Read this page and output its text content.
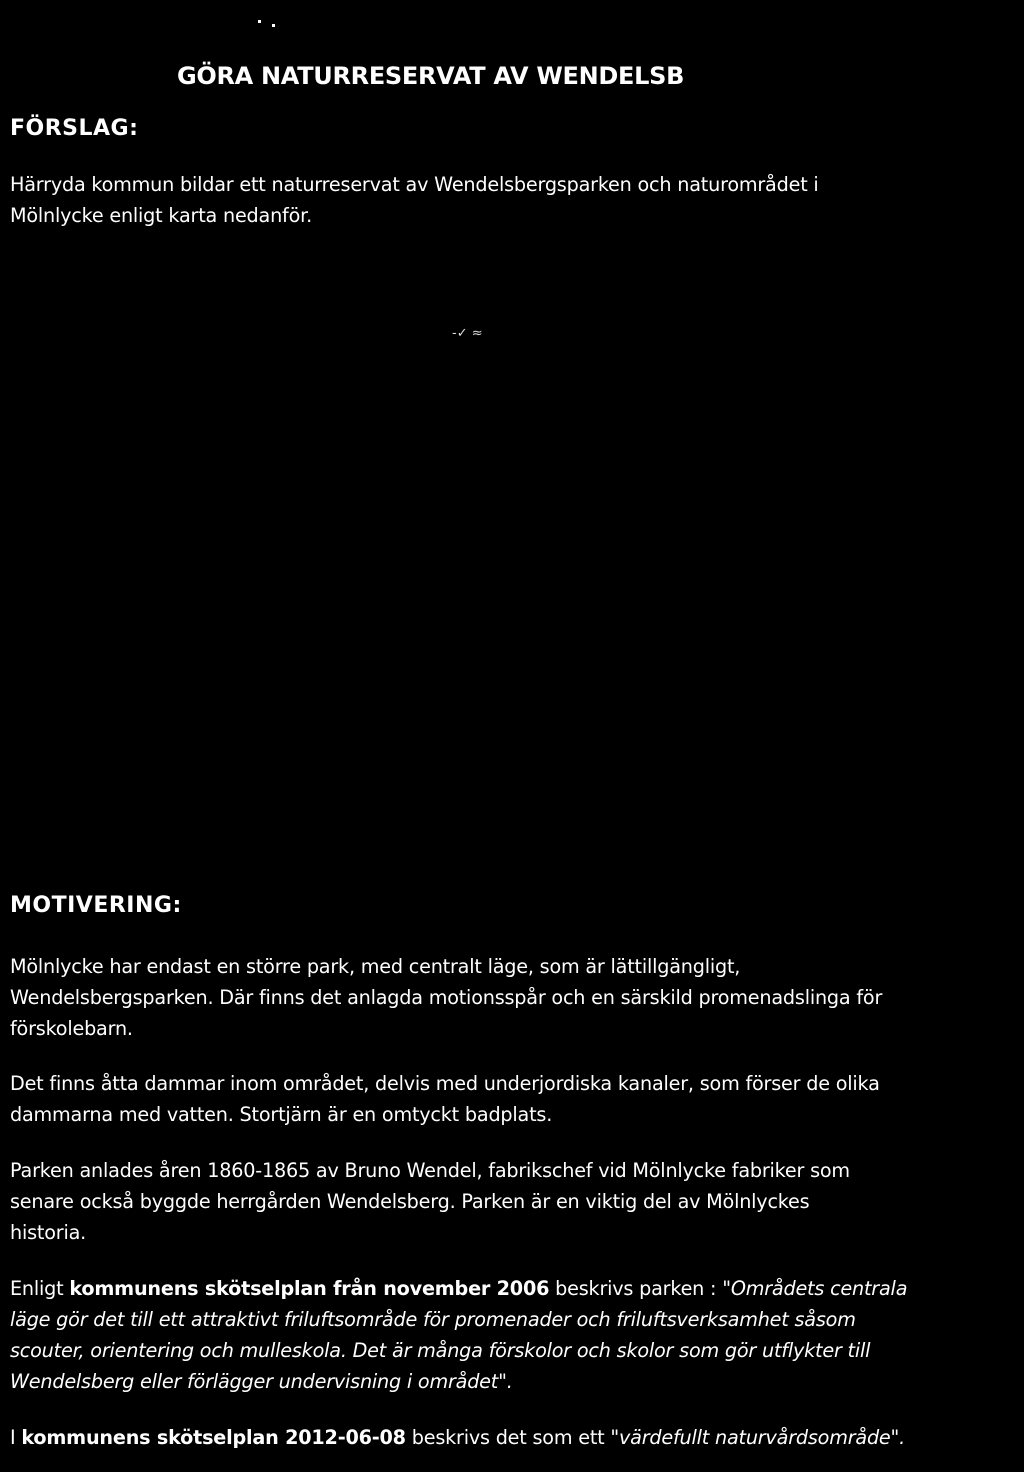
GÖRA NATURRESERVAT AV WENDELSB
FÖRSLAG:

Härryda kommun bildar ett naturreservat av Wendelsbergsparken och naturområdet i

Mölnlycke enligt karta nedanför.

-✓ ≈
MOTIVERING:

Mölnlycke har endast en större park, med centralt läge, som är lättillgängligt,

Wendelsbergsparken. Där finns det anlagda motionsspår och en särskild promenadslinga för

förskolebarn.

Det finns åtta dammar inom området, delvis med underjordiska kanaler, som förser de olika

dammarna med vatten. Stortjärn är en omtyckt badplats.

Parken anlades åren 1860-1865 av Bruno Wendel, fabrikschef vid Mölnlycke fabriker som

senare också byggde herrgården Wendelsberg. Parken är en viktig del av Mölnlyckes

historia.

Enligt kommunens skötselplan från november 2006 beskrivs parken : "Områdets centrala

läge gör det till ett attraktivt friluftsområde för promenader och friluftsverksamhet såsom

scouter, orientering och mulleskola. Det är många förskolor och skolor som gör utflykter till

Wendelsberg eller förlägger undervisning i området".

I kommunens skötselplan 2012-06-08 beskrivs det som ett "värdefullt naturvårdsområde".
